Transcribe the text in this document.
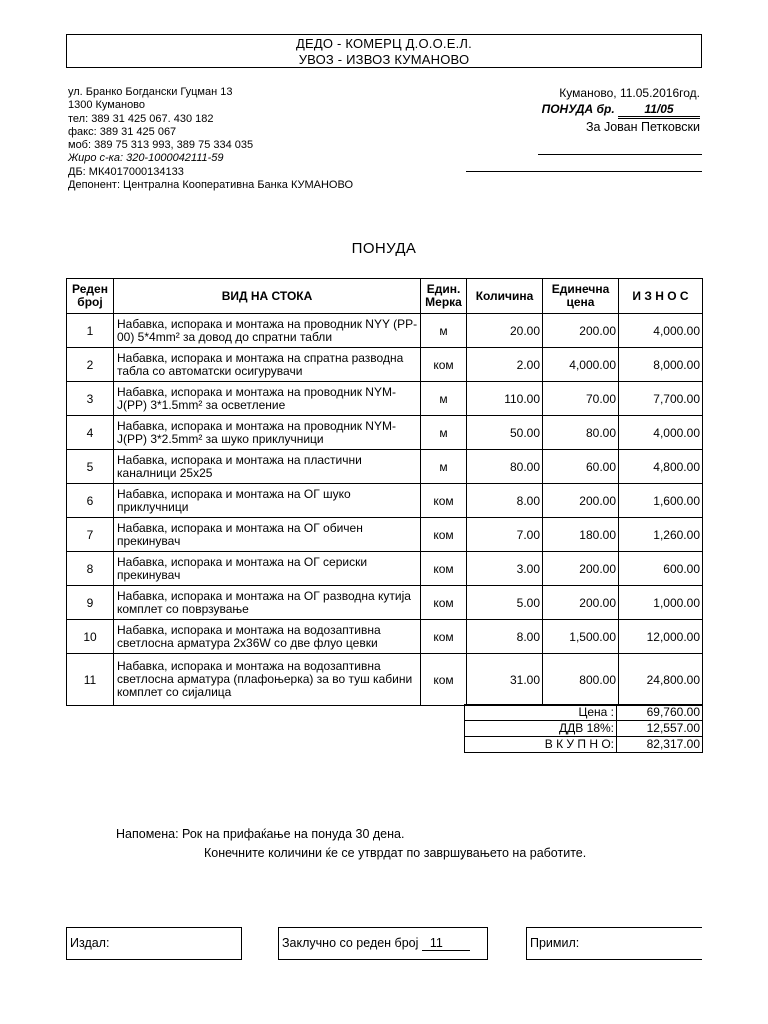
ДЕДО - КОМЕРЦ Д.О.О.Е.Л.
УВОЗ - ИЗВОЗ КУМАНОВО
ул. Бранко Богдански Гуцман 13
1300 Куманово
тел: 389 31 425 067. 430 182
факс: 389 31 425 067
моб: 389 75 313 993, 389 75 334 035
Жиро с-ка: 320-1000042111-59
ДБ: МК4017000134133
Депонент: Централна Кооперативна Банка КУМАНОВО
Куманово, 11.05.2016год.
ПОНУДА бр. 11/05
За Јован Петковски
ПОНУДА
Реден број	ВИД НА СТОКА	Един. Мерка	Количина	Единечна цена	И З Н О С
1	Набавка, испорака и монтажа на проводник NYY (PP-00) 5*4mm² за довод до спратни табли	м	20.00	200.00	4,000.00
2	Набавка, испорака и монтажа на спратна разводна табла со автоматски осигурувачи	ком	2.00	4,000.00	8,000.00
3	Набавка, испорака и монтажа на проводник NYM-J(PP) 3*1.5mm² за осветление	м	110.00	70.00	7,700.00
4	Набавка, испорака и монтажа на проводник NYM-J(PP) 3*2.5mm² за шуко приклучници	м	50.00	80.00	4,000.00
5	Набавка, испорака и монтажа на пластични каналници 25x25	м	80.00	60.00	4,800.00
6	Набавка, испорака и монтажа на ОГ шуко приклучници	ком	8.00	200.00	1,600.00
7	Набавка, испорака и монтажа на ОГ обичен прекинувач	ком	7.00	180.00	1,260.00
8	Набавка, испорака и монтажа на ОГ сериски прекинувач	ком	3.00	200.00	600.00
9	Набавка, испорака и монтажа на ОГ разводна кутија комплет со поврзување	ком	5.00	200.00	1,000.00
10	Набавка, испорака и монтажа на водозаптивна светлосна арматура 2x36W со две флуо цевки	ком	8.00	1,500.00	12,000.00
11	Набавка, испорака и монтажа на водозаптивна светлосна арматура (плафоњерка) за во туш кабини комплет со сијалица	ком	31.00	800.00	24,800.00
Цена :	69,760.00
ДДВ 18%:	12,557.00
В К У П Н О:	82,317.00
Напомена: Рок на прифаќање на понуда 30 дена.
Конечните количини ќе се утврдат по завршувањето на работите.
Издал:	Заклучно со реден број 11	Примил:
